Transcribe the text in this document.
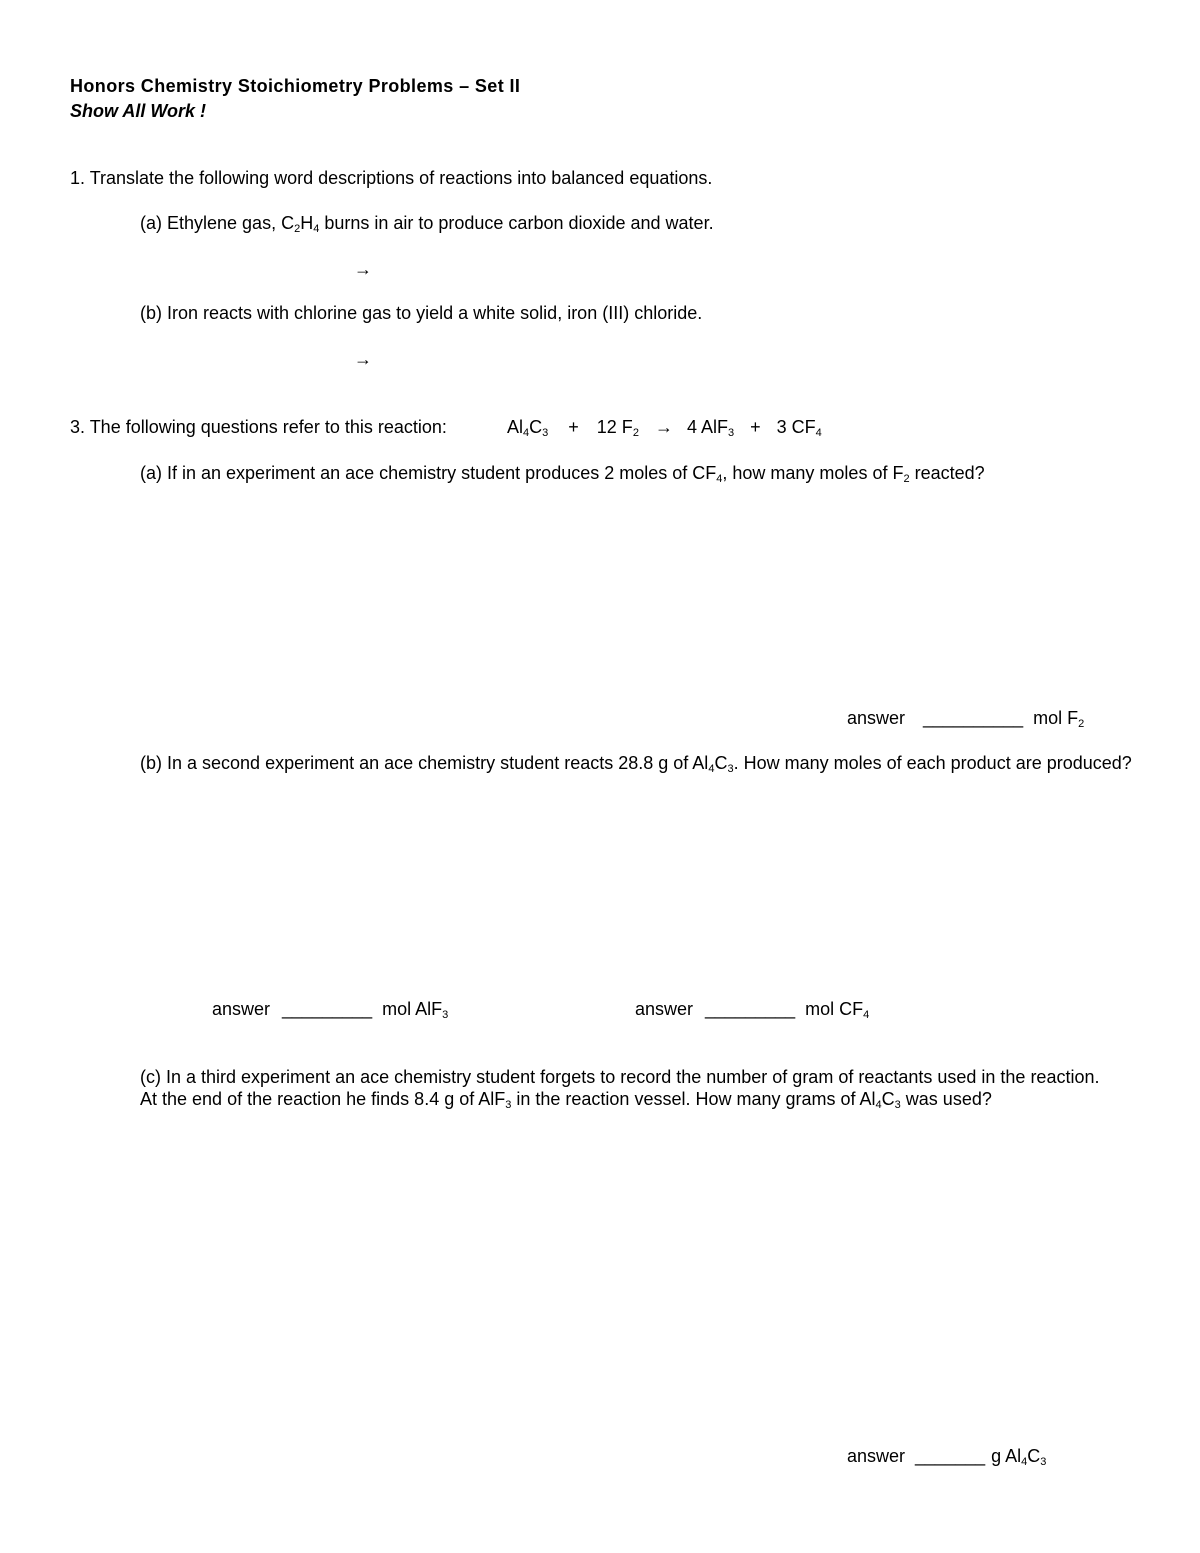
Honors Chemistry Stoichiometry Problems – Set II
Show All Work !
1. Translate the following word descriptions of reactions into balanced equations.
(a) Ethylene gas, $C_2H_4$ burns in air to produce carbon dioxide and water.
→
(b) Iron reacts with chlorine gas to yield a white solid, iron (III) chloride.
→
3. The following questions refer to this reaction:	$Al_4C_3 + 12$ $F_2 \to 4$ AlF$_3$ + 3 $CF_4$
(a) If in an experiment an ace chemistry student produces 2 moles of $CF_4$, how many moles of $F_2$ reacted?
answer __________ mol $F_2$
(b) In a second experiment an ace chemistry student reacts 28.8 g of $Al_4C_3$. How many moles of each product are produced?
answer _________ mol AlF$_3$	answer _________ mol $CF_4$
(c) In a third experiment an ace chemistry student forgets to record the number of gram of reactants used in the reaction. At the end of the reaction he finds 8.4 g of AlF$_3$ in the reaction vessel. How many grams of $Al_4C_3$ was used?
answer _______ g $Al_4C_3$
